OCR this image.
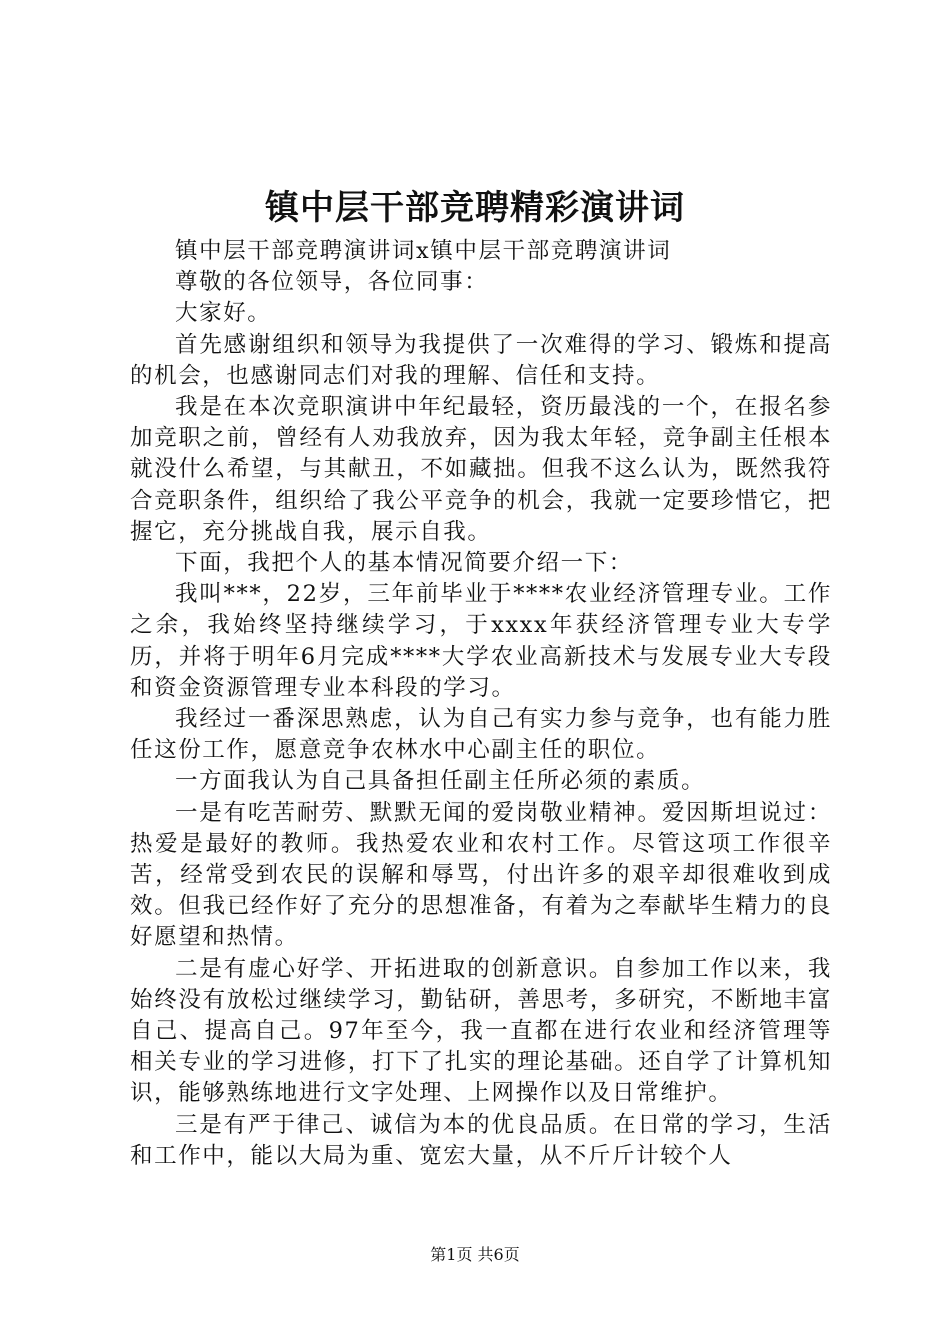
镇中层干部竞聘精彩演讲词

镇中层干部竞聘演讲词x镇中层干部竞聘演讲词

尊敬的各位领导，各位同事：

大家好。

首先感谢组织和领导为我提供了一次难得的学习、锻炼和提高的机会，也感谢同志们对我的理解、信任和支持。

我是在本次竞职演讲中年纪最轻，资历最浅的一个，在报名参加竞职之前，曾经有人劝我放弃，因为我太年轻，竞争副主任根本就没什么希望，与其献丑，不如藏拙。但我不这么认为，既然我符合竞职条件，组织给了我公平竞争的机会，我就一定要珍惜它，把握它，充分挑战自我，展示自我。

下面，我把个人的基本情况简要介绍一下：

我叫***，22岁，三年前毕业于****农业经济管理专业。工作之余，我始终坚持继续学习，于xxxx年获经济管理专业大专学历，并将于明年6月完成****大学农业高新技术与发展专业大专段和资金资源管理专业本科段的学习。

我经过一番深思熟虑，认为自己有实力参与竞争，也有能力胜任这份工作，愿意竞争农林水中心副主任的职位。

一方面我认为自己具备担任副主任所必须的素质。

一是有吃苦耐劳、默默无闻的爱岗敬业精神。爱因斯坦说过：热爱是最好的教师。我热爱农业和农村工作。尽管这项工作很辛苦，经常受到农民的误解和辱骂，付出许多的艰辛却很难收到成效。但我已经作好了充分的思想准备，有着为之奉献毕生精力的良好愿望和热情。

二是有虚心好学、开拓进取的创新意识。自参加工作以来，我始终没有放松过继续学习，勤钻研，善思考，多研究，不断地丰富自己、提高自己。97年至今，我一直都在进行农业和经济管理等相关专业的学习进修，打下了扎实的理论基础。还自学了计算机知识，能够熟练地进行文字处理、上网操作以及日常维护。

三是有严于律己、诚信为本的优良品质。在日常的学习，生活和工作中，能以大局为重、宽宏大量，从不斤斤计较个人

第1页 共6页
